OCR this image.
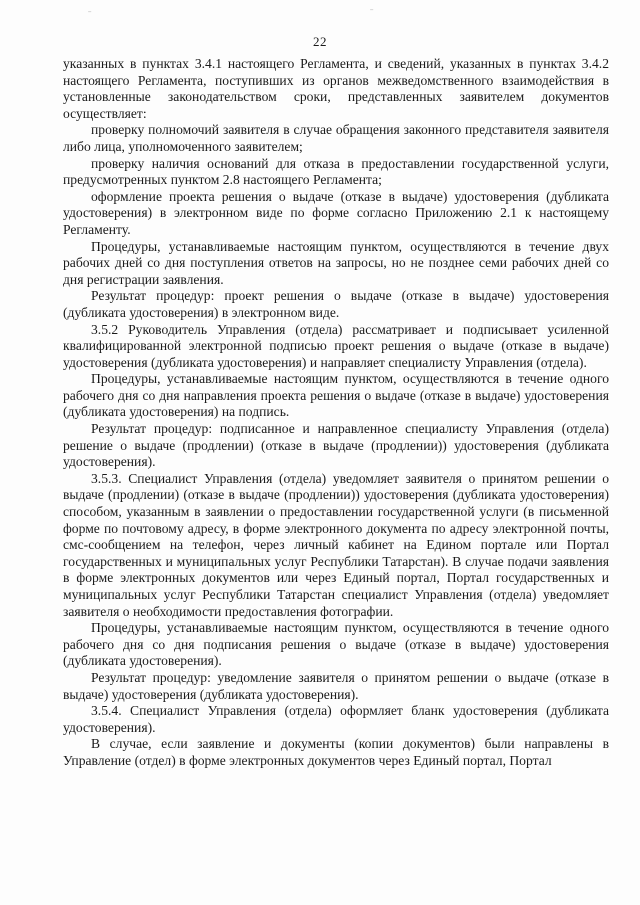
ˉ	ˉ
22

указанных в пунктах 3.4.1 настоящего Регламента, и сведений, указанных в пунктах 3.4.2 настоящего Регламента, поступивших из органов межведомственного взаимодействия в установленные законодательством сроки, представленных заявителем документов осуществляет:

проверку полномочий заявителя в случае обращения законного представителя заявителя либо лица, уполномоченного заявителем;

проверку наличия оснований для отказа в предоставлении государственной услуги, предусмотренных пунктом 2.8 настоящего Регламента;

оформление проекта решения о выдаче (отказе в выдаче) удостоверения (дубликата удостоверения) в электронном виде по форме согласно Приложению 2.1 к настоящему Регламенту.

Процедуры, устанавливаемые настоящим пунктом, осуществляются в течение двух рабочих дней со дня поступления ответов на запросы, но не позднее семи рабочих дней со дня регистрации заявления.

Результат процедур: проект решения о выдаче (отказе в выдаче) удостоверения (дубликата удостоверения) в электронном виде.

3.5.2 Руководитель Управления (отдела) рассматривает и подписывает усиленной квалифицированной электронной подписью проект решения о выдаче (отказе в выдаче) удостоверения (дубликата удостоверения) и направляет специалисту Управления (отдела).

Процедуры, устанавливаемые настоящим пунктом, осуществляются в течение одного рабочего дня со дня направления проекта решения о выдаче (отказе в выдаче) удостоверения (дубликата удостоверения) на подпись.

Результат процедур: подписанное и направленное специалисту Управления (отдела) решение о выдаче (продлении) (отказе в выдаче (продлении)) удостоверения (дубликата удостоверения).

3.5.3. Специалист Управления (отдела) уведомляет заявителя о принятом решении о выдаче (продлении) (отказе в выдаче (продлении)) удостоверения (дубликата удостоверения) способом, указанным в заявлении о предоставлении государственной услуги (в письменной форме по почтовому адресу, в форме электронного документа по адресу электронной почты, смс-сообщением на телефон, через личный кабинет на Едином портале или Портал государственных и муниципальных услуг Республики Татарстан). В случае подачи заявления в форме электронных документов или через Единый портал, Портал государственных и муниципальных услуг Республики Татарстан специалист Управления (отдела) уведомляет заявителя о необходимости предоставления фотографии.

Процедуры, устанавливаемые настоящим пунктом, осуществляются в течение одного рабочего дня со дня подписания решения о выдаче (отказе в выдаче) удостоверения (дубликата удостоверения).

Результат процедур: уведомление заявителя о принятом решении о выдаче (отказе в выдаче) удостоверения (дубликата удостоверения).

3.5.4. Специалист Управления (отдела) оформляет бланк удостоверения (дубликата удостоверения).

В случае, если заявление и документы (копии документов) были направлены в Управление (отдел) в форме электронных документов через Единый портал, Портал
